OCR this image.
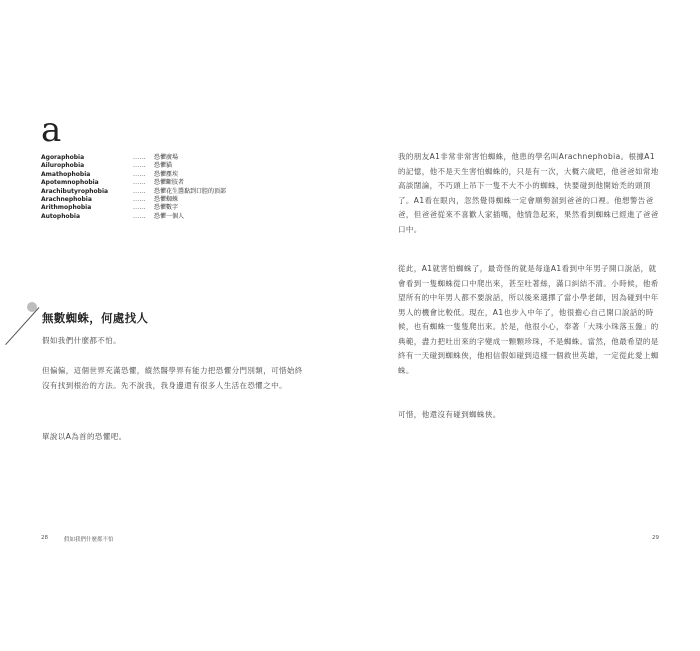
a
Agoraphobia	...... 恐懼廣場
Ailurophobia	...... 恐懼貓
Amathophobia	...... 恐懼塵埃
Apotemnophobia	...... 恐懼斷肢者
Arachibutyrophobia	...... 恐懼花生醬黏到口腔的頂部
Arachnephobia	...... 恐懼蜘蛛
Arithmophobia	...... 恐懼數字
Autophobia	...... 恐懼一個人
無數蜘蛛，何處找人

假如我們什麼都不怕。

但偏偏，這個世界充滿恐懼，縱然醫學界有能力把恐懼分門別類，可惜始終沒有找到根治的方法。先不說我，我身邊還有很多人生活在恐懼之中。

單說以A為首的恐懼吧。

28	假如我們什麼都不怕

我的朋友A1非常非常害怕蜘蛛，他患的學名叫Arachnephobia。根據A1的記憶，他不是天生害怕蜘蛛的，只是有一次，大概六歲吧，他爸爸如常地高談闊論，不巧頭上吊下一隻不大不小的蜘蛛，快要碰到他開始禿的頭頂了。A1看在眼內，忽然覺得蜘蛛一定會順勢溜到爸爸的口裡。他想警告爸爸，但爸爸從來不喜歡人家插嘴，他情急起來，果然看到蜘蛛已經進了爸爸口中。

從此，A1就害怕蜘蛛了，最奇怪的就是每逢A1看到中年男子開口說話，就會看到一隻蜘蛛從口中爬出來，甚至吐著絲，滿口糾結不清。小時候，他希望所有的中年男人都不要說話，所以後來選擇了當小學老師，因為碰到中年男人的機會比較低。現在，A1也步入中年了，他很擔心自己開口說話的時候，也有蜘蛛一隻隻爬出來。於是，他很小心，奉著「大珠小珠落玉盤」的典範，盡力把吐出來的字變成一顆顆珍珠，不是蜘蛛。當然，他最希望的是終有一天碰到蜘蛛俠，他相信假如碰到這樣一個救世英雄，一定從此愛上蜘蛛。

可惜，他還沒有碰到蜘蛛俠。

29
